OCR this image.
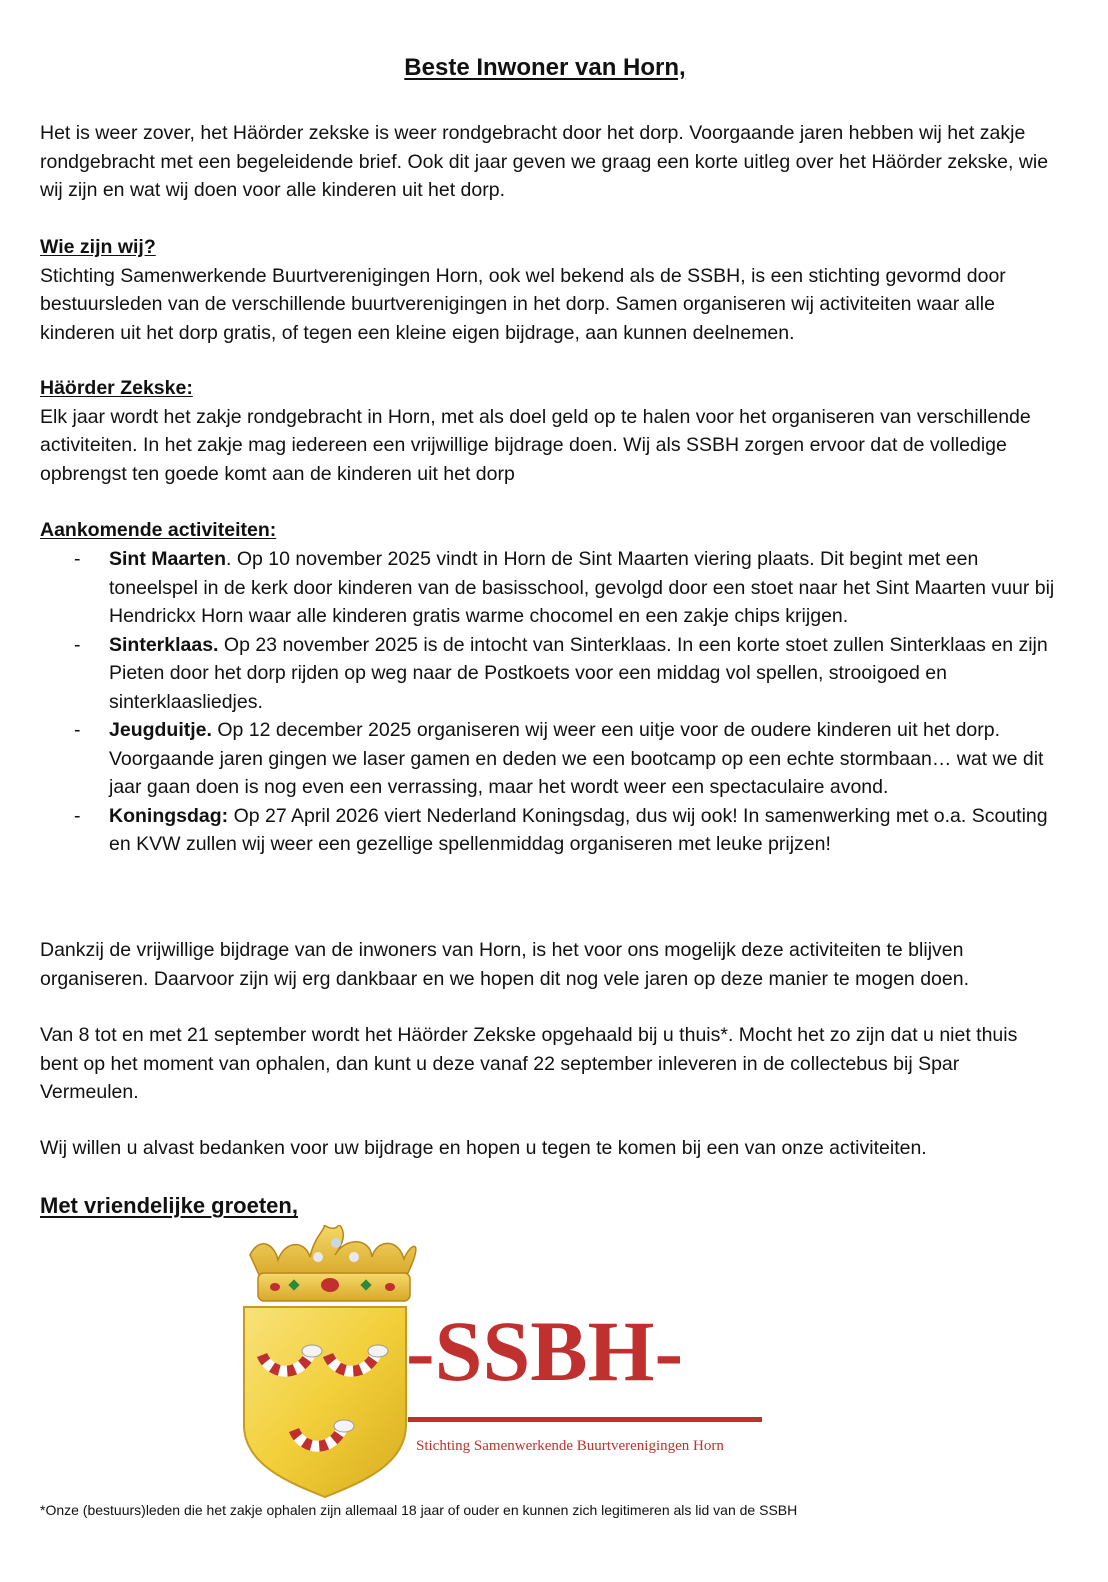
Beste Inwoner van Horn,
Het is weer zover, het Häörder zekske is weer rondgebracht door het dorp. Voorgaande jaren hebben wij het zakje rondgebracht met een begeleidende brief. Ook dit jaar geven we graag een korte uitleg over het Häörder zekske, wie wij zijn en wat wij doen voor alle kinderen uit het dorp.
Wie zijn wij?
Stichting Samenwerkende Buurtverenigingen Horn, ook wel bekend als de SSBH, is een stichting gevormd door bestuursleden van de verschillende buurtverenigingen in het dorp. Samen organiseren wij activiteiten waar alle kinderen uit het dorp gratis, of tegen een kleine eigen bijdrage, aan kunnen deelnemen.
Häörder Zekske:
Elk jaar wordt het zakje rondgebracht in Horn, met als doel geld op te halen voor het organiseren van verschillende activiteiten. In het zakje mag iedereen een vrijwillige bijdrage doen. Wij als SSBH zorgen ervoor dat de volledige opbrengst ten goede komt aan de kinderen uit het dorp
Aankomende activiteiten:
- Sint Maarten. Op 10 november 2025 vindt in Horn de Sint Maarten viering plaats. Dit begint met een toneelspel in de kerk door kinderen van de basisschool, gevolgd door een stoet naar het Sint Maarten vuur bij Hendrickx Horn waar alle kinderen gratis warme chocomel en een zakje chips krijgen.
- Sinterklaas. Op 23 november 2025 is de intocht van Sinterklaas. In een korte stoet zullen Sinterklaas en zijn Pieten door het dorp rijden op weg naar de Postkoets voor een middag vol spellen, strooigoed en sinterklaasliedjes.
- Jeugduitje. Op 12 december 2025 organiseren wij weer een uitje voor de oudere kinderen uit het dorp. Voorgaande jaren gingen we laser gamen en deden we een bootcamp op een echte stormbaan… wat we dit jaar gaan doen is nog even een verrassing, maar het wordt weer een spectaculaire avond.
- Koningsdag: Op 27 April 2026 viert Nederland Koningsdag, dus wij ook! In samenwerking met o.a. Scouting en KVW zullen wij weer een gezellige spellenmiddag organiseren met leuke prijzen!
Dankzij de vrijwillige bijdrage van de inwoners van Horn, is het voor ons mogelijk deze activiteiten te blijven organiseren. Daarvoor zijn wij erg dankbaar en we hopen dit nog vele jaren op deze manier te mogen doen.
Van 8 tot en met 21 september wordt het Häörder Zekske opgehaald bij u thuis*. Mocht het zo zijn dat u niet thuis bent op het moment van ophalen, dan kunt u deze vanaf 22 september inleveren in de collectebus bij Spar Vermeulen.
Wij willen u alvast bedanken voor uw bijdrage en hopen u tegen te komen bij een van onze activiteiten.
Met vriendelijke groeten,
-SSBH-
Stichting Samenwerkende Buurtverenigingen Horn
*Onze (bestuurs)leden die het zakje ophalen zijn allemaal 18 jaar of ouder en kunnen zich legitimeren als lid van de SSBH
